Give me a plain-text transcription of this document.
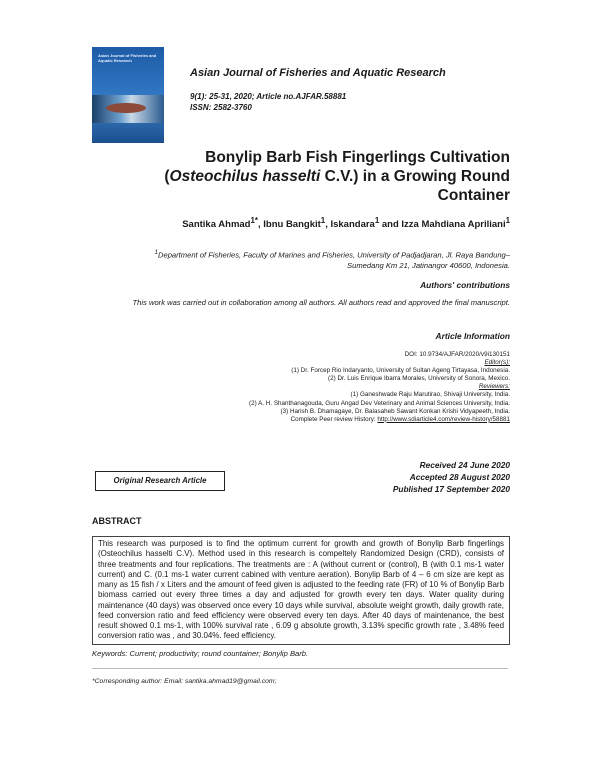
Asian Journal of Fisheries and Aquatic Research
Asian Journal of Fisheries and Aquatic Research
9(1): 25-31, 2020; Article no.AJFAR.58881
ISSN: 2582-3760
Bonylip Barb Fish Fingerlings Cultivation
(Osteochilus hasselti C.V.) in a Growing Round
Container
Santika Ahmad$^{1*}$, Ibnu Bangkit$^1$, Iskandara$^1$ and Izza Mahdiana Apriliani$^1$
$^1$Department of Fisheries, Faculty of Marines and Fisheries, University of Padjadjaran, Jl. Raya Bandung–Sumedang Km 21, Jatinangor 40600, Indonesia.
Authors' contributions
This work was carried out in collaboration among all authors. All authors read and approved the final manuscript.
Article Information
DOI: 10.9734/AJFAR/2020/v9i130151
Editor(s):
(1) Dr. Forcep Rio Indaryanto, University of Sultan Ageng Tirtayasa, Indonesia.
(2) Dr. Luis Enrique Ibarra Morales, University of Sonora, Mexico.
Reviewers:
(1) Ganeshwade Raju Marutirao, Shivaji University, India.
(2) A. H. Shanthanagouda, Guru Angad Dev Veterinary and Animal Sciences University, India.
(3) Harish B. Dhamagaye, Dr. Balasaheb Sawant Konkan Krishi Vidyapeeth, India.
Complete Peer review History: http://www.sdiarticle4.com/review-history/58881
Original Research Article
Received 24 June 2020
Accepted 28 August 2020
Published 17 September 2020
ABSTRACT
This research was purposed is to find the optimum current for growth and growth of Bonylip Barb fingerlings (Osteochilus hasselti C.V). Method used in this research is compeltely Randomized Design (CRD), consists of three treatments and four replications. The treatments are : A (without current or (control), B (with 0.1 ms-1 water current) and C. (0.1 ms-1 water current cabined with venture aeration). Bonylip Barb of 4 – 6 cm size are kept as many as 15 fish / x Liters and the amount of feed given is adjusted to the feeding rate (FR) of 10 % of Bonylip Barb biomass carried out every three times a day and adjusted for growth every ten days. Water quality during maintenance (40 days) was observed once every 10 days while survival, absolute weight growth, daily growth rate, feed conversion ratio and feed efficiency were observed every ten days. After 40 days of maintenance, the best result showed 0.1 ms-1, with 100% survival rate , 6.09 g absolute growth, 3.13% specific growth rate , 3.48% feed conversion ratio was , and 30.04%. feed efficiency.
Keywords: Current; productivity; round countainer; Bonylip Barb.
*Corresponding author: Email: santika.ahmad19@gmail.com;
